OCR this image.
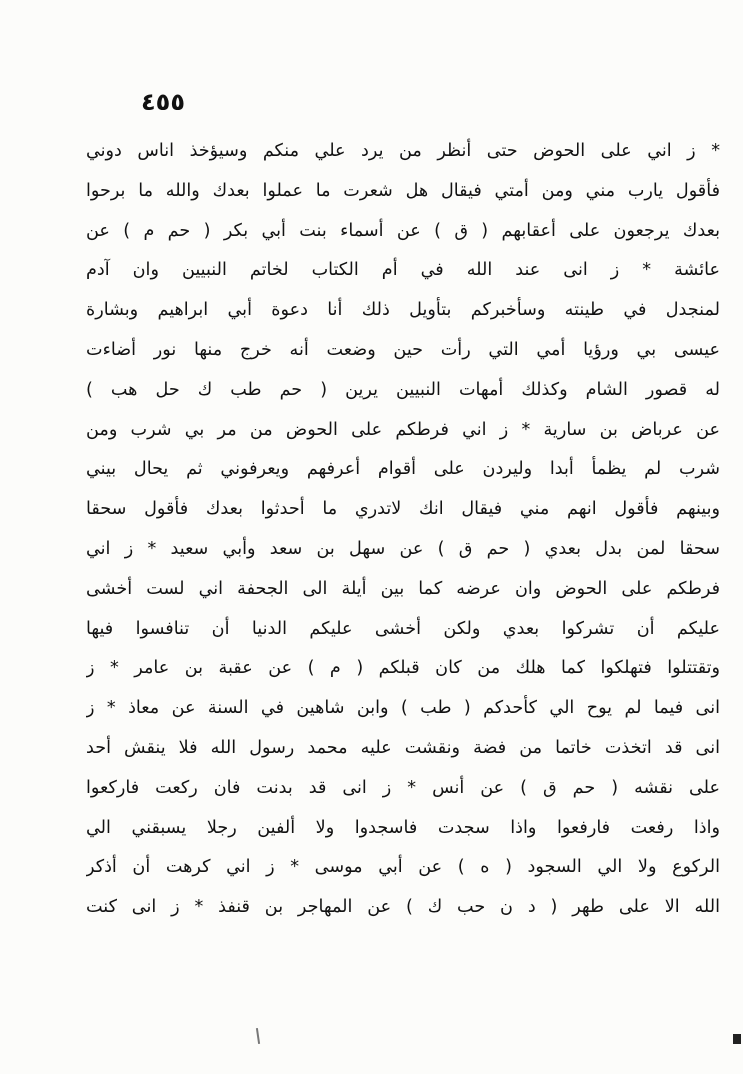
٤٥٥
* ز اني على الحوض حتى أنظر من يرد علي منكم وسيؤخذ اناس دوني
فأقول يارب مني ومن أمتي فيقال هل شعرت ما عملوا بعدك والله ما برحوا
بعدك يرجعون على أعقابهم ( ق ) عن أسماء بنت أبي بكر ( حم م ) عن
عائشة * ز انى عند الله في أم الكتاب لخاتم النبيين وان آدم
لمنجدل في طينته وسأخبركم بتأويل ذلك أنا دعوة أبي ابراهيم وبشارة
عيسى بي ورؤيا أمي التي رأت حين وضعت أنه خرج منها نور أضاءت
له قصور الشام وكذلك أمهات النبيين يرين ( حم طب ك حل هب )
عن عرباض بن سارية * ز اني فرطكم على الحوض من مر بي شرب ومن
شرب لم يظمأ أبدا وليردن على أقوام أعرفهم ويعرفوني ثم يحال بيني
وبينهم فأقول انهم مني فيقال انك لاتدري ما أحدثوا بعدك فأقول سحقا
سحقا لمن بدل بعدي ( حم ق ) عن سهل بن سعد وأبي سعيد * ز اني
فرطكم على الحوض وان عرضه كما بين أيلة الى الجحفة اني لست أخشى
عليكم أن تشركوا بعدي ولكن أخشى عليكم الدنيا أن تنافسوا فيها
وتقتتلوا فتهلكوا كما هلك من كان قبلكم ( م ) عن عقبة بن عامر * ز
انى فيما لم يوح الي كأحدكم ( طب ) وابن شاهين في السنة عن معاذ * ز
انى قد اتخذت خاتما من فضة ونقشت عليه محمد رسول الله فلا ينقش أحد
على نقشه ( حم ق ) عن أنس * ز انى قد بدنت فان ركعت فاركعوا
واذا رفعت فارفعوا واذا سجدت فاسجدوا ولا ألفين رجلا يسبقني الي
الركوع ولا الي السجود ( ه ) عن أبي موسى * ز اني كرهت أن أذكر
الله الا على طهر ( د ن حب ك ) عن المهاجر بن قنفذ * ز انى كنت
